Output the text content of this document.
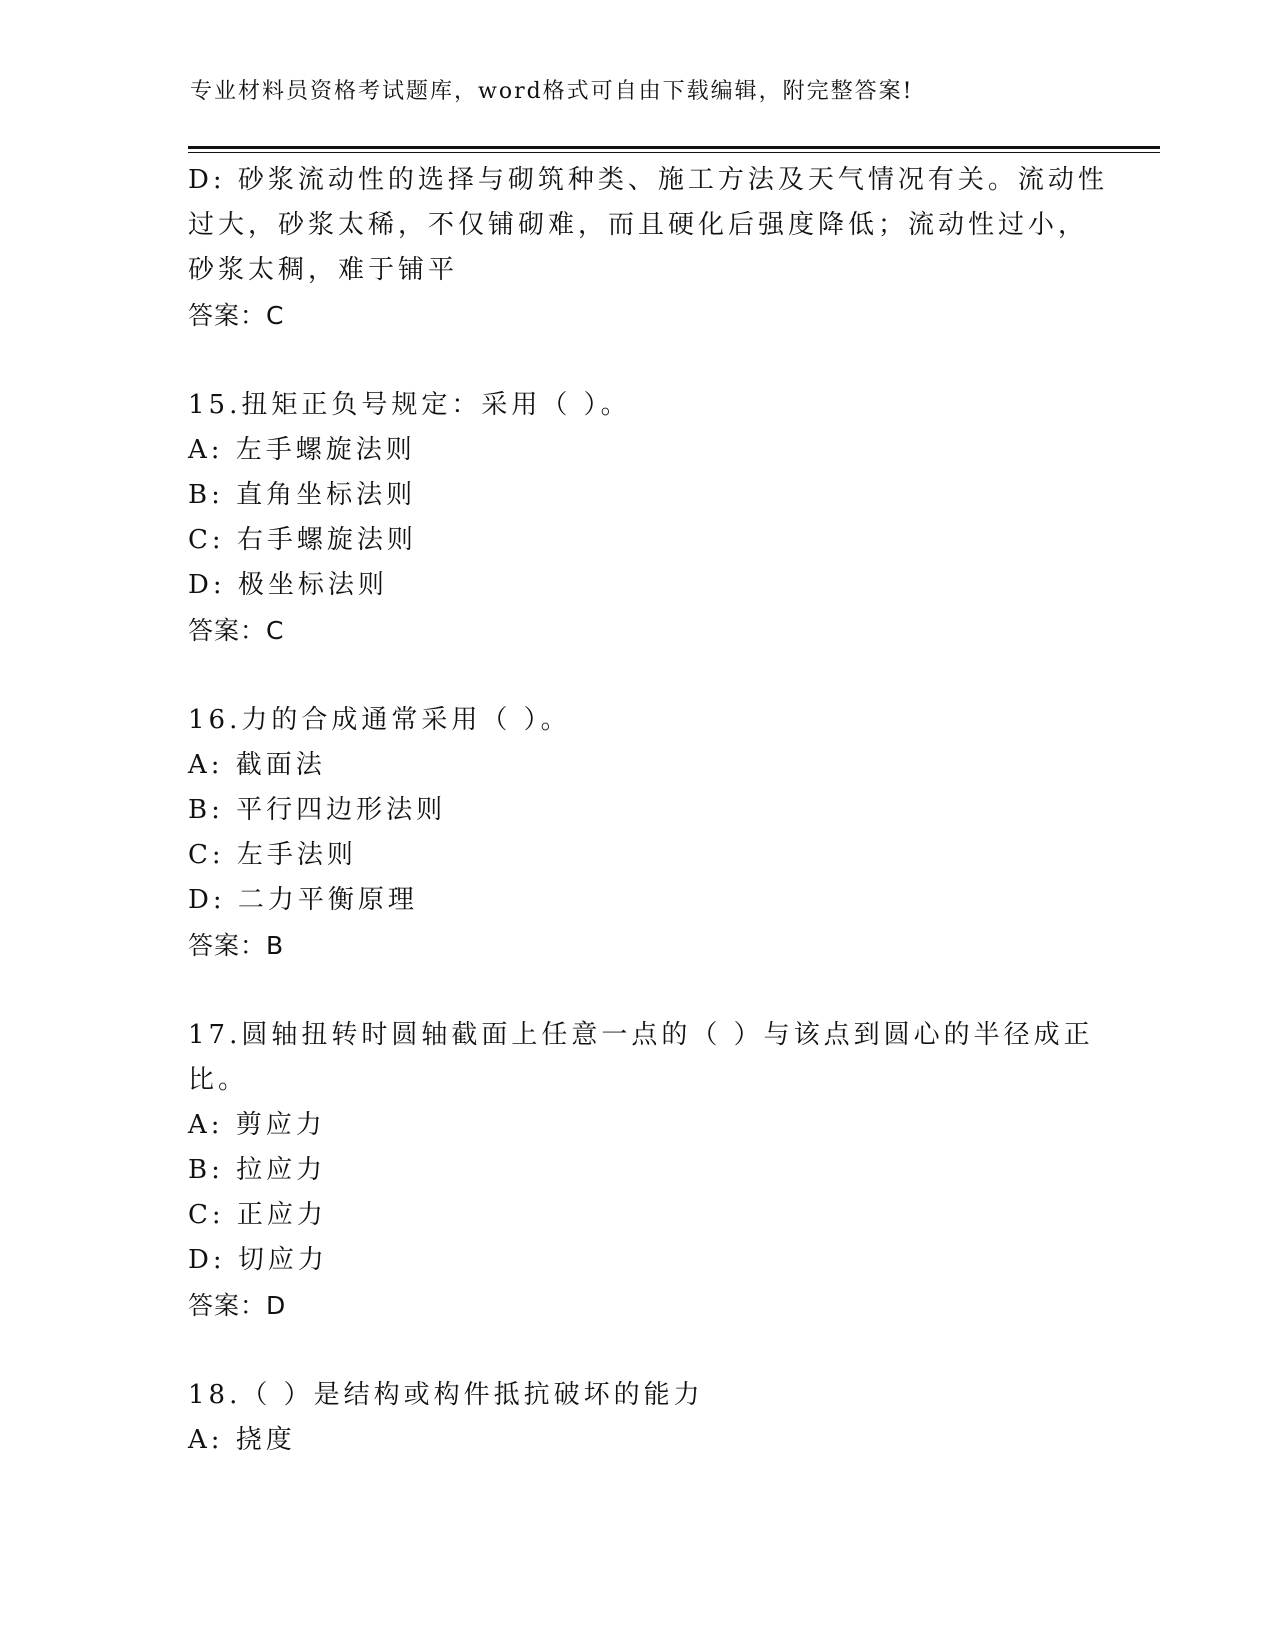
专业材料员资格考试题库，word格式可自由下载编辑，附完整答案!
D: 砂浆流动性的选择与砌筑种类、施工方法及天气情况有关。流动性
过大，砂浆太稀，不仅铺砌难，而且硬化后强度降低；流动性过小，
砂浆太稠，难于铺平
答案：C
15.扭矩正负号规定：采用（ ）。
A: 左手螺旋法则
B: 直角坐标法则
C: 右手螺旋法则
D: 极坐标法则
答案：C
16.力的合成通常采用（ ）。
A: 截面法
B: 平行四边形法则
C: 左手法则
D: 二力平衡原理
答案：B
17.圆轴扭转时圆轴截面上任意一点的（ ）与该点到圆心的半径成正
比。
A: 剪应力
B: 拉应力
C: 正应力
D: 切应力
答案：D
18.（ ）是结构或构件抵抗破坏的能力
A: 挠度
